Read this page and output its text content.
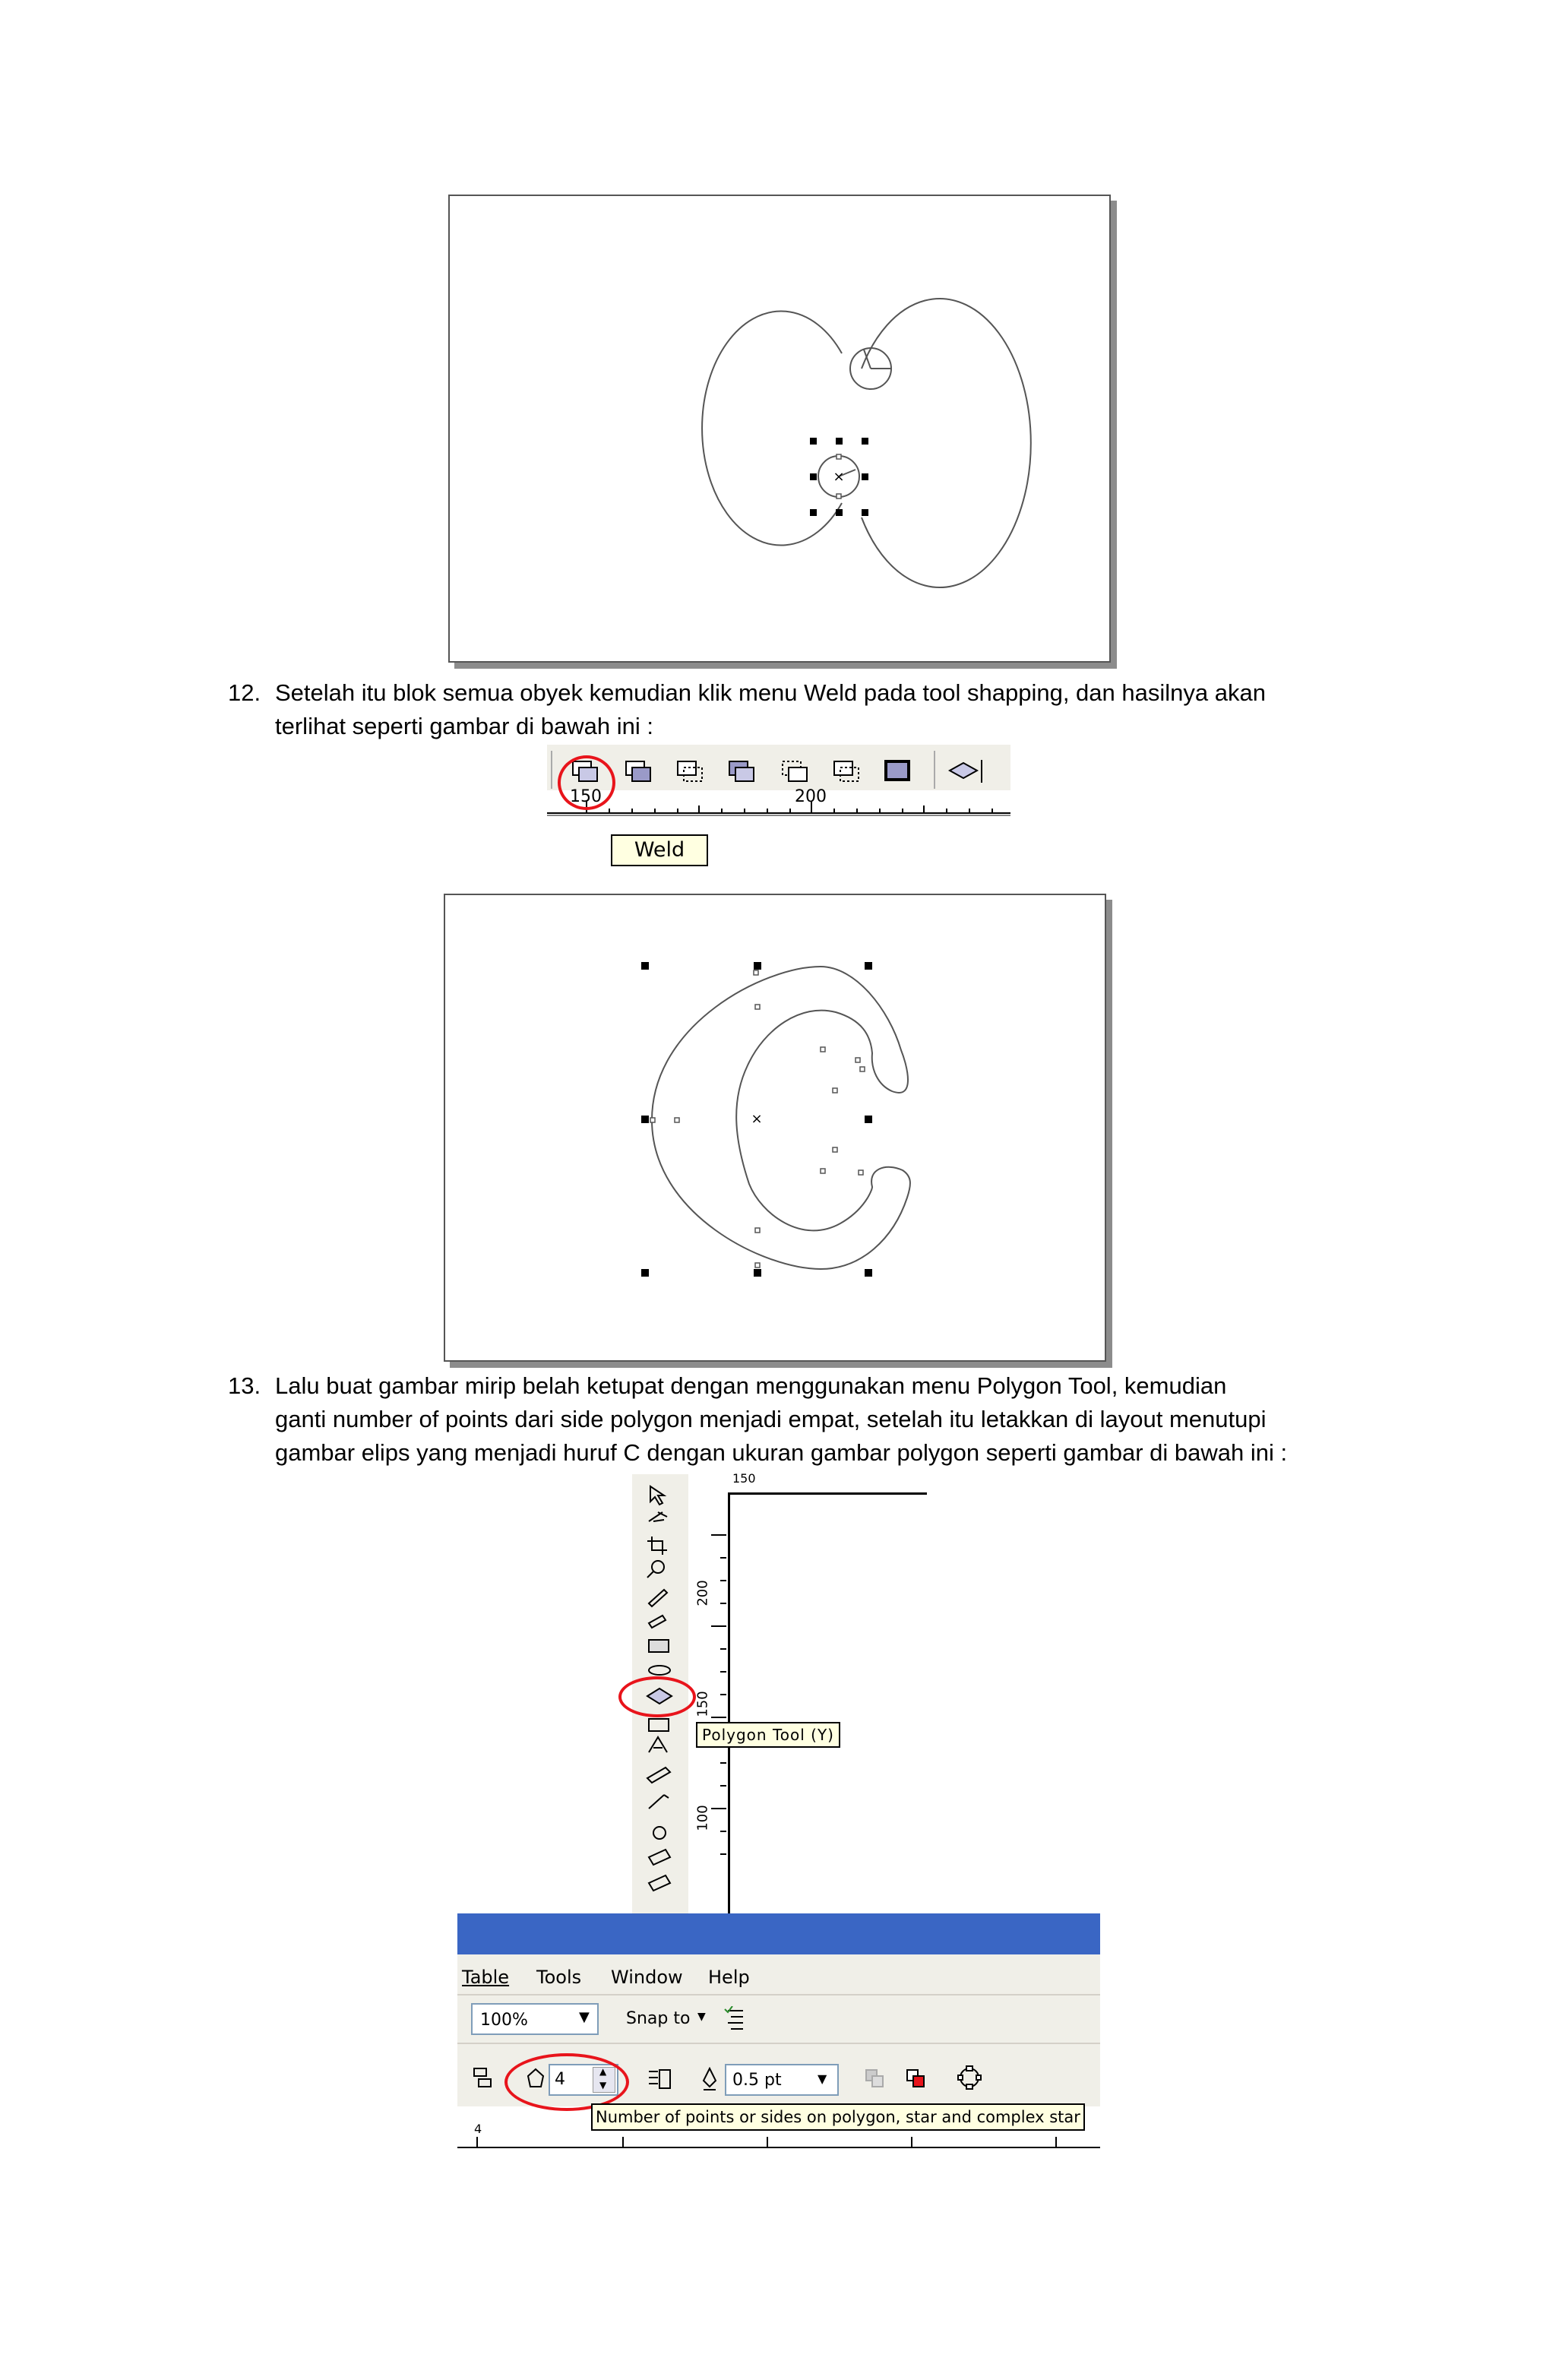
×
12. Setelah itu blok semua obyek kemudian klik menu Weld pada tool shapping, dan hasilnya akan
terlihat seperti gambar di bawah ini :
150	200
Weld
×
13. Lalu buat gambar mirip belah ketupat dengan menggunakan menu Polygon Tool, kemudian
ganti number of points dari side polygon menjadi empat, setelah itu letakkan di layout menutupi
gambar elips yang menjadi huruf C dengan ukuran gambar polygon seperti gambar di bawah ini :
200
150
100
150
Polygon Tool (Y)
Table Tools Window Help
100%	▼ Snap to ▼
4	▲
▼	0.5 pt	▼
Number of points or sides on polygon, star and complex star
4
